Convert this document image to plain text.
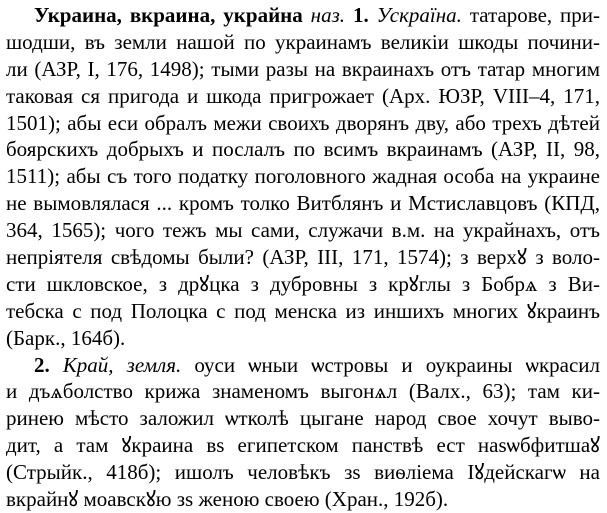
Украина, вкраина, украйна наз. 1. Ускраїна. татарове, при-
шодши, въ земли нашой по украинамъ великіи шкоды почини-
ли (АЗР, I, 176, 1498); тыми разы на вкраинахъ отъ татар многим
таковая ся пригода и шкода пригрожает (Арх. ЮЗР, VIII–4, 171,
1501); абы еси обралъ межи своихъ дворянъ дву, або трехъ дѣтей
боярскихъ добрыхъ и послалъ по всимъ вкраинамъ (АЗР, II, 98,
1511); абы съ того податку поголовного жадная особа на украине
не вымовлялася ... кромъ толко Витблянъ и Мстиславцовъ (КПД,
364, 1565); чого тежъ мы сами, служачи в.м. на украйнахъ, отъ
непріятеля свѣдомы были? (АЗР, III, 171, 1574); з верхꙋ з воло-
сти шкловское, з дрꙋцка з дубровны з крꙋглы з Бобрѧ з Ви-
тебска с под Полоцка с под менска из иншихъ многих ꙋкраинъ
(Барк., 164б).
2. Край, земля. оуси ѡныи ѡстровы и оукраины ѡкрасил
и дъѧболство крижа знаменомъ выгонѧл (Валх., 63); там ки-
ринею мѣсто заложил ѡтколѣ цыгане народ свое хочут выво-
дит, а там ꙋкраина вѕ египетском панствѣ ест наѕѡбфитшаꙋ
(Стрыйк., 418б); ишолъ человѣкъ зѕ виѳліема Іꙋдейскагѡ на
вкрайнꙋ моавскꙋю зѕ женою своею (Хран., 192б).
